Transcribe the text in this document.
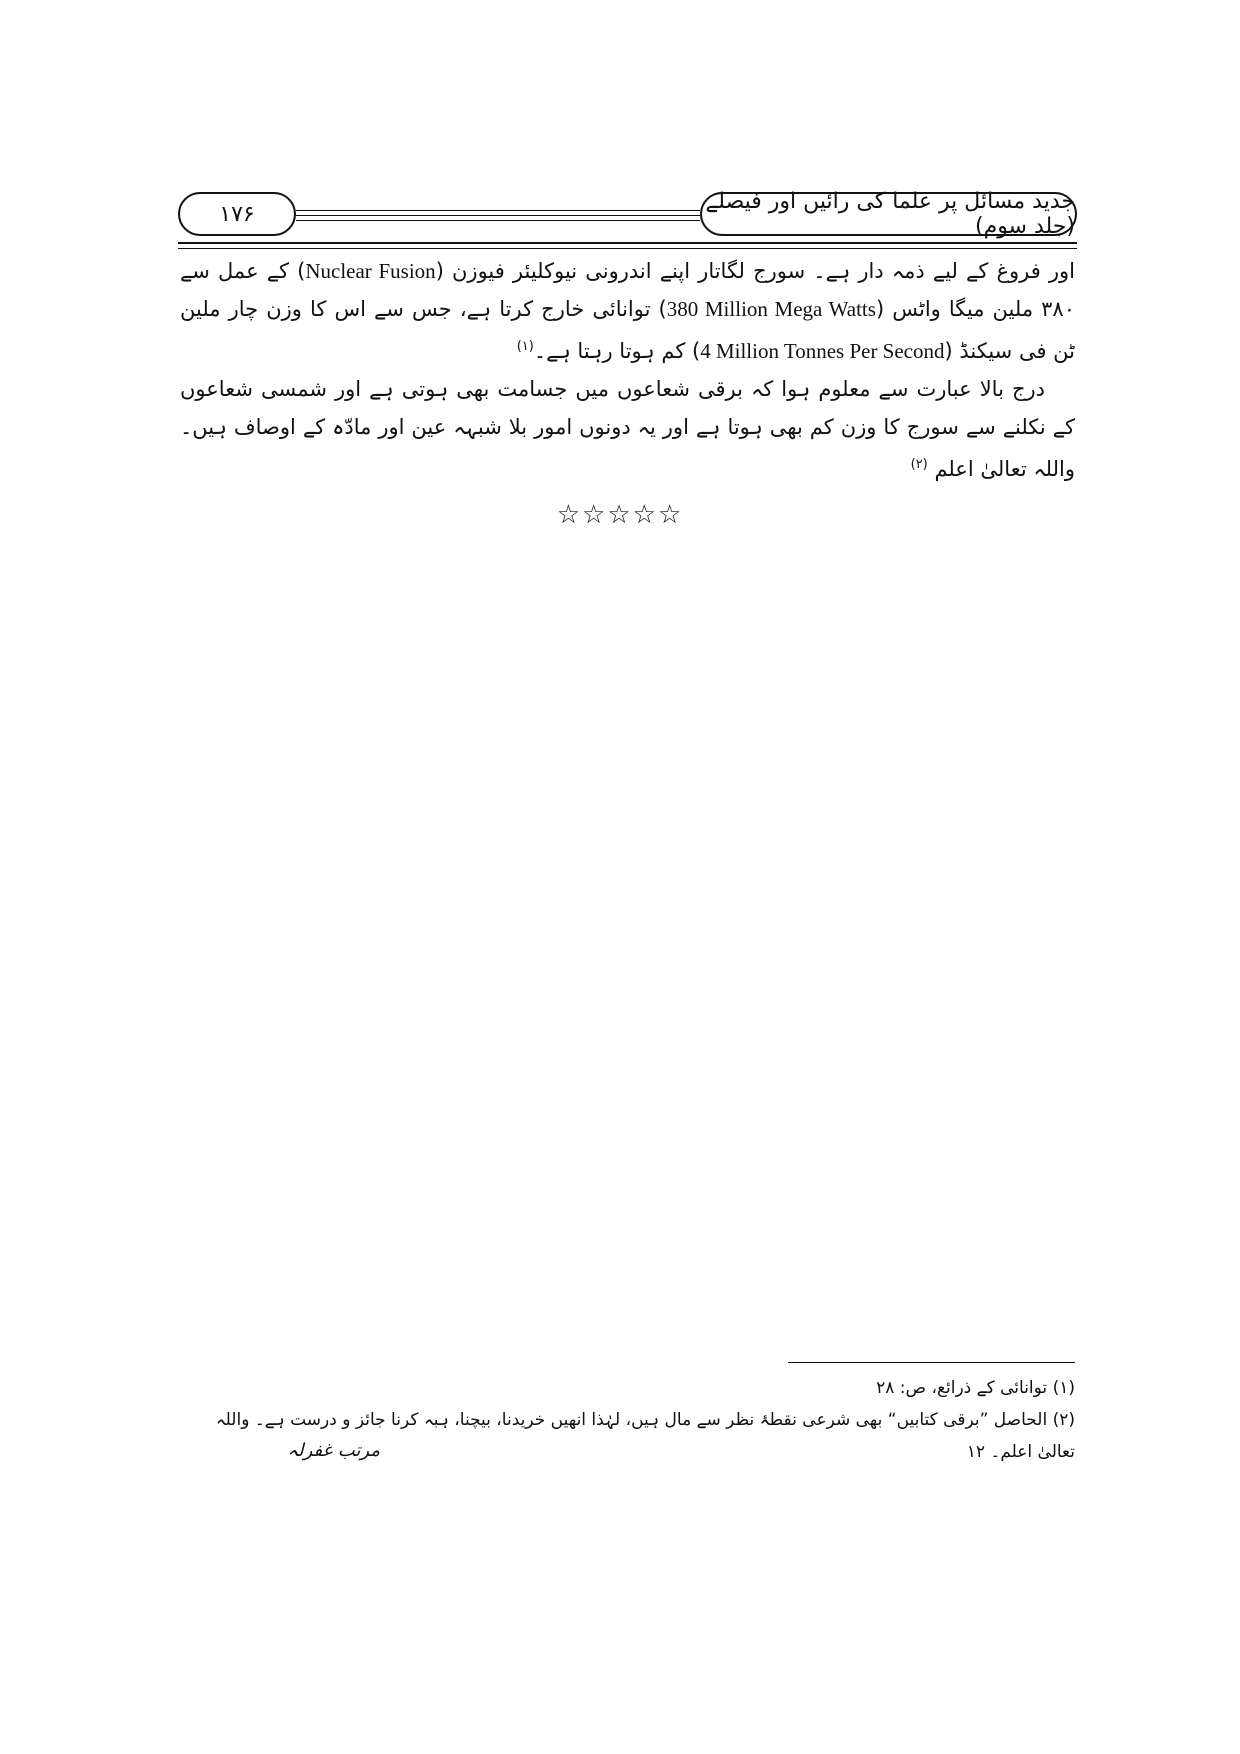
جدید مسائل پر علما کی رائیں اور فیصلے (جلد سوم)
۱۷۶

اور فروغ کے لیے ذمہ دار ہے۔ سورج لگاتار اپنے اندرونی نیوکلیئر فیوزن (Nuclear Fusion) کے عمل سے ۳۸۰ ملین میگا واٹس (380 Million Mega Watts) توانائی خارج کرتا ہے، جس سے اس کا وزن چار ملین ٹن فی سیکنڈ (4 Million Tonnes Per Second) کم ہوتا رہتا ہے۔$^{(۱)}$

درج بالا عبارت سے معلوم ہوا کہ برقی شعاعوں میں جسامت بھی ہوتی ہے اور شمسی شعاعوں کے نکلنے سے سورج کا وزن کم بھی ہوتا ہے اور یہ دونوں امور بلا شبہہ عین اور مادّہ کے اوصاف ہیں۔ واللہ تعالیٰ اعلم $^{(۲)}$

☆☆☆☆☆

(۱) توانائی کے ذرائع، ص: ۲۸

(۲) الحاصل ”برقی کتابیں“ بھی شرعی نقطۂ نظر سے مال ہیں، لہٰذا انھیں خریدنا، بیچنا، ہبہ کرنا جائز و درست ہے۔ واللہ تعالیٰ اعلم۔ ۱۲

مرتب غفرلہ
